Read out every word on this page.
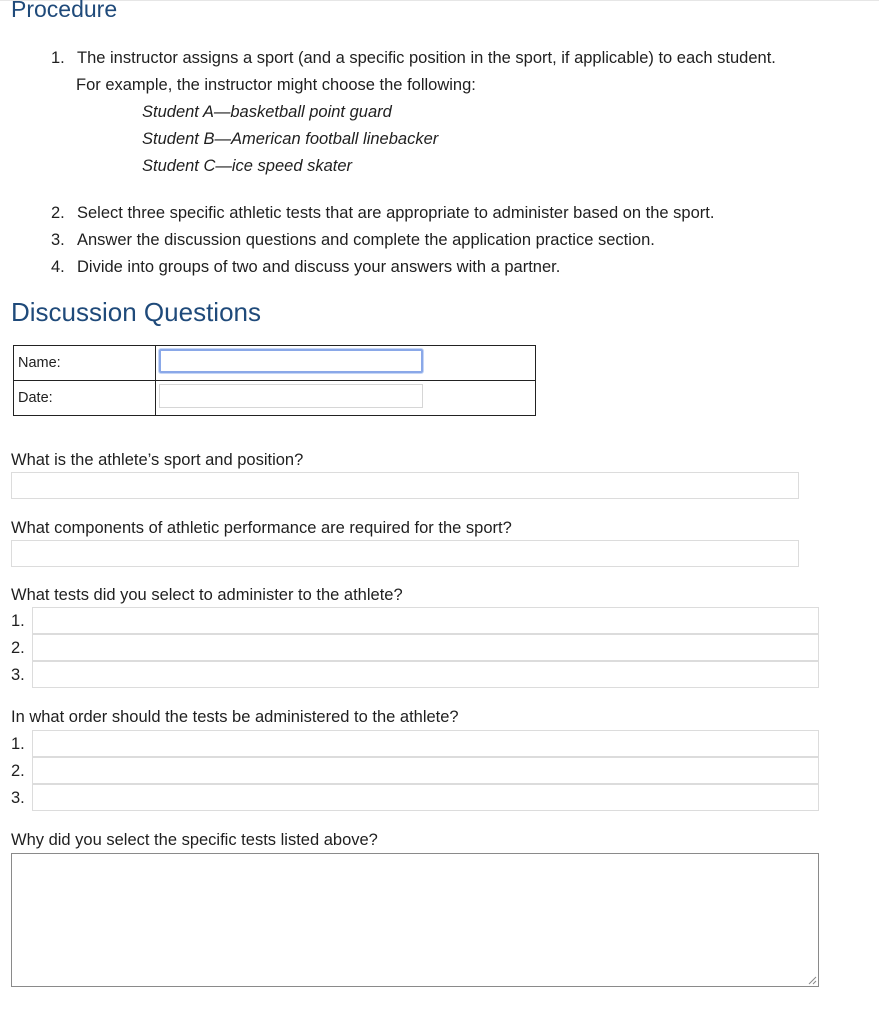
Procedure
1. The instructor assigns a sport (and a specific position in the sport, if applicable) to each student.
For example, the instructor might choose the following:
Student A—basketball point guard
Student B—American football linebacker
Student C—ice speed skater
2. Select three specific athletic tests that are appropriate to administer based on the sport.
3. Answer the discussion questions and complete the application practice section.
4. Divide into groups of two and discuss your answers with a partner.
Discussion Questions
Name:	

Date:	
What is the athlete’s sport and position?
What components of athletic performance are required for the sport?
What tests did you select to administer to the athlete?
1.
2.
3.
In what order should the tests be administered to the athlete?
1.
2.
3.
Why did you select the specific tests listed above?
